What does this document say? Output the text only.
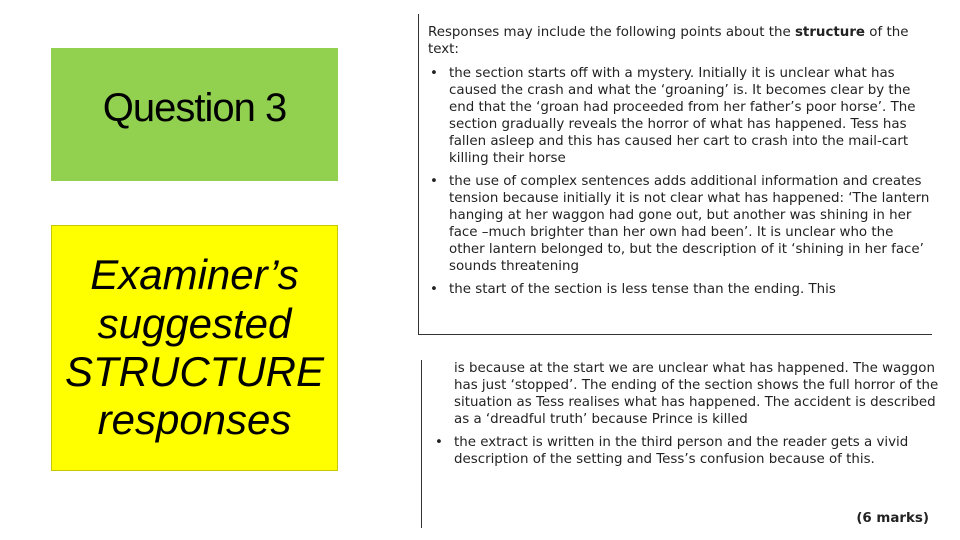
Question 3
Examiner’s
suggested
STRUCTURE
responses

Responses may include the following points about the structure of the text:

• the section starts off with a mystery. Initially it is unclear what has caused the crash and what the ‘groaning’ is. It becomes clear by the end that the ‘groan had proceeded from her father’s poor horse’. The section gradually reveals the horror of what has happened. Tess has fallen asleep and this has caused her cart to crash into the mail-cart killing their horse
• the use of complex sentences adds additional information and creates tension because initially it is not clear what has happened: ‘The lantern hanging at her waggon had gone out, but another was shining in her face –much brighter than her own had been’. It is unclear who the other lantern belonged to, but the description of it ‘shining in her face’ sounds threatening
• the start of the section is less tense than the ending. This
is because at the start we are unclear what has happened. The waggon has just ‘stopped’. The ending of the section shows the full horror of the situation as Tess realises what has happened. The accident is described as a ‘dreadful truth’ because Prince is killed
• the extract is written in the third person and the reader gets a vivid description of the setting and Tess’s confusion because of this.
(6 marks)
